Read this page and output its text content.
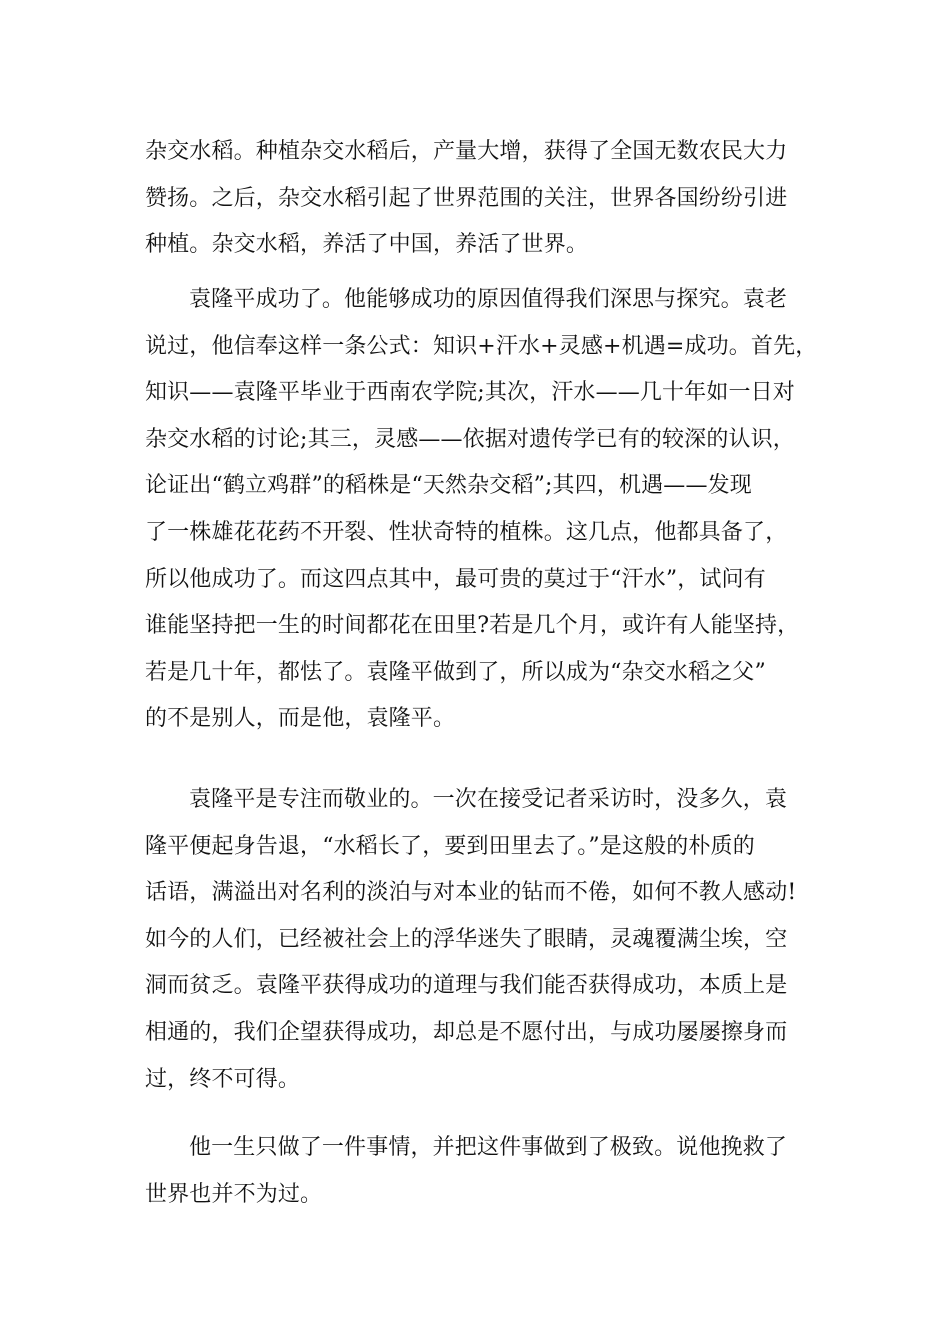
杂交水稻。种植杂交水稻后，产量大增，获得了全国无数农民大力
赞扬。之后，杂交水稻引起了世界范围的关注，世界各国纷纷引进
种植。杂交水稻，养活了中国，养活了世界。
袁隆平成功了。他能够成功的原因值得我们深思与探究。袁老
说过，他信奉这样一条公式：知识+汗水+灵感+机遇=成功。首先，
知识——袁隆平毕业于西南农学院;其次，汗水——几十年如一日对
杂交水稻的讨论;其三，灵感——依据对遗传学已有的较深的认识，
论证出“鹤立鸡群”的稻株是“天然杂交稻”;其四，机遇——发现
了一株雄花花药不开裂、性状奇特的植株。这几点，他都具备了，
所以他成功了。而这四点其中，最可贵的莫过于“汗水”，试问有
谁能坚持把一生的时间都花在田里?若是几个月，或许有人能坚持，
若是几十年，都怯了。袁隆平做到了，所以成为“杂交水稻之父”
的不是别人，而是他，袁隆平。
袁隆平是专注而敬业的。一次在接受记者采访时，没多久，袁
隆平便起身告退，“水稻长了，要到田里去了。”是这般的朴质的
话语，满溢出对名利的淡泊与对本业的钻而不倦，如何不教人感动!
如今的人们，已经被社会上的浮华迷失了眼睛，灵魂覆满尘埃，空
洞而贫乏。袁隆平获得成功的道理与我们能否获得成功，本质上是
相通的，我们企望获得成功，却总是不愿付出，与成功屡屡擦身而
过，终不可得。
他一生只做了一件事情，并把这件事做到了极致。说他挽救了
世界也并不为过。
